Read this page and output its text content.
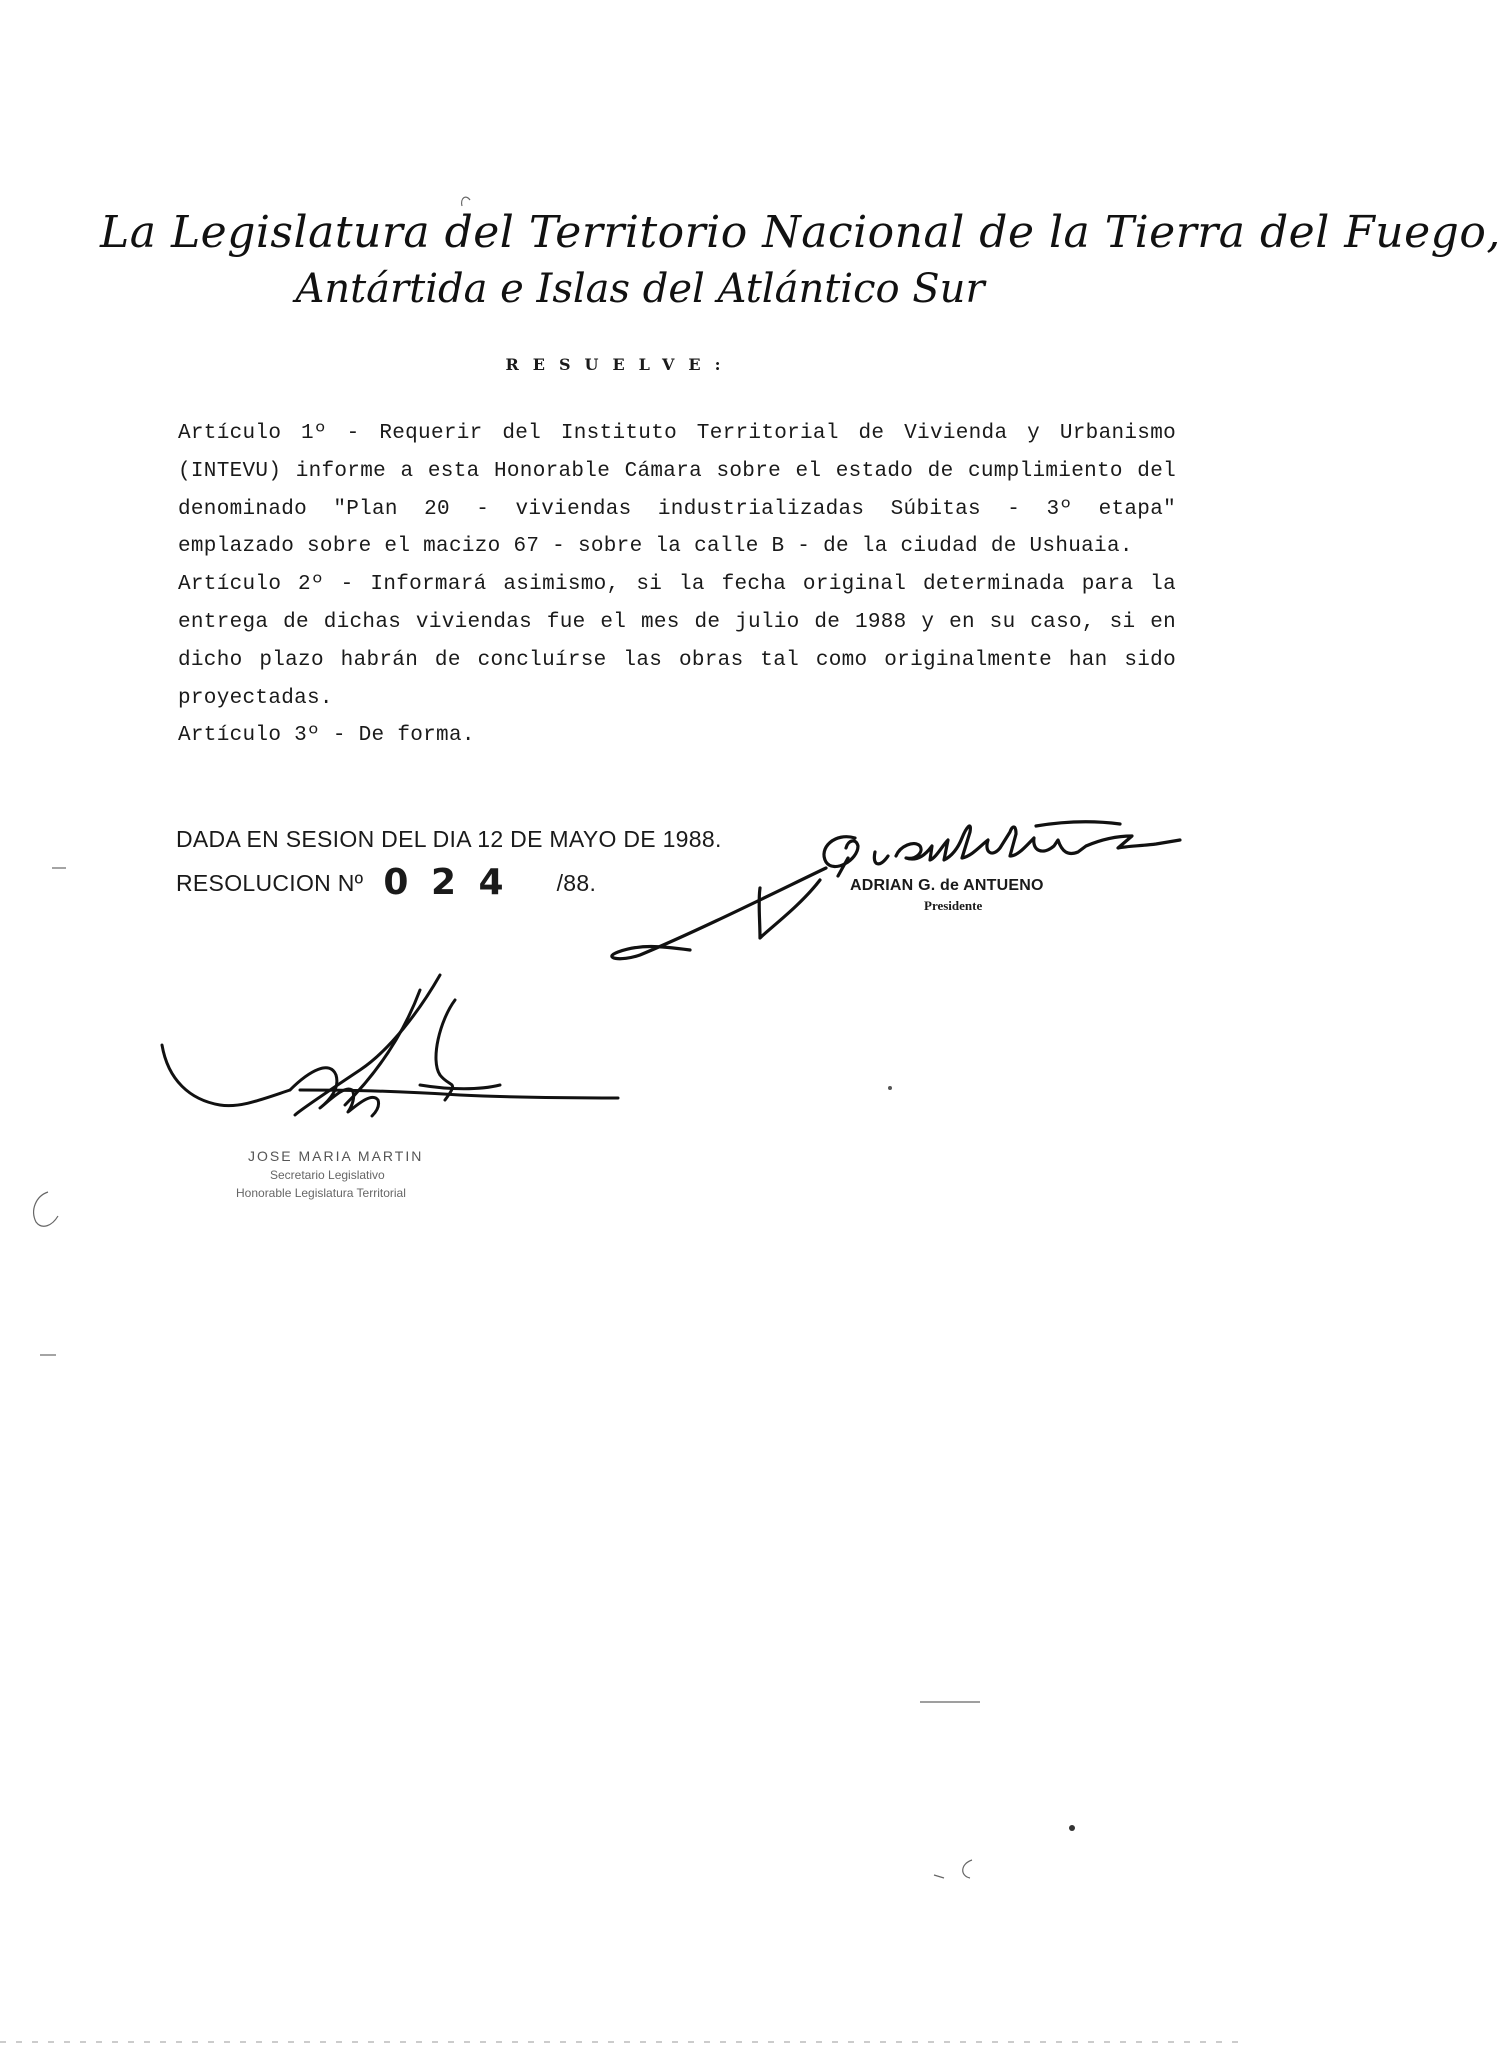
La Legislatura del Territorio Nacional de la Tierra del Fuego,
Antártida e Islas del Atlántico Sur
RESUELVE:

Artículo 1º - Requerir del Instituto Territorial de Vivienda y Urbanismo (INTEVU) informe a esta Honorable Cámara sobre el estado de cumplimiento del denominado "Plan 20 - viviendas industrializadas Súbitas - 3º etapa" emplazado sobre el macizo 67 - sobre la calle B - de la ciudad de Ushuaia.

Artículo 2º - Informará asimismo, si la fecha original determinada para la entrega de dichas viviendas fue el mes de julio de 1988 y en su caso, si en dicho plazo habrán de concluírse las obras tal como originalmente han sido proyectadas.

Artículo 3º - De forma.

DADA EN SESION DEL DIA 12 DE MAYO DE 1988.
RESOLUCION Nº 0 2 4 /88.	ADRIAN G. de ANTUENO
Presidente
JOSE MARIA MARTIN
Secretario Legislativo
Honorable Legislatura Territorial
